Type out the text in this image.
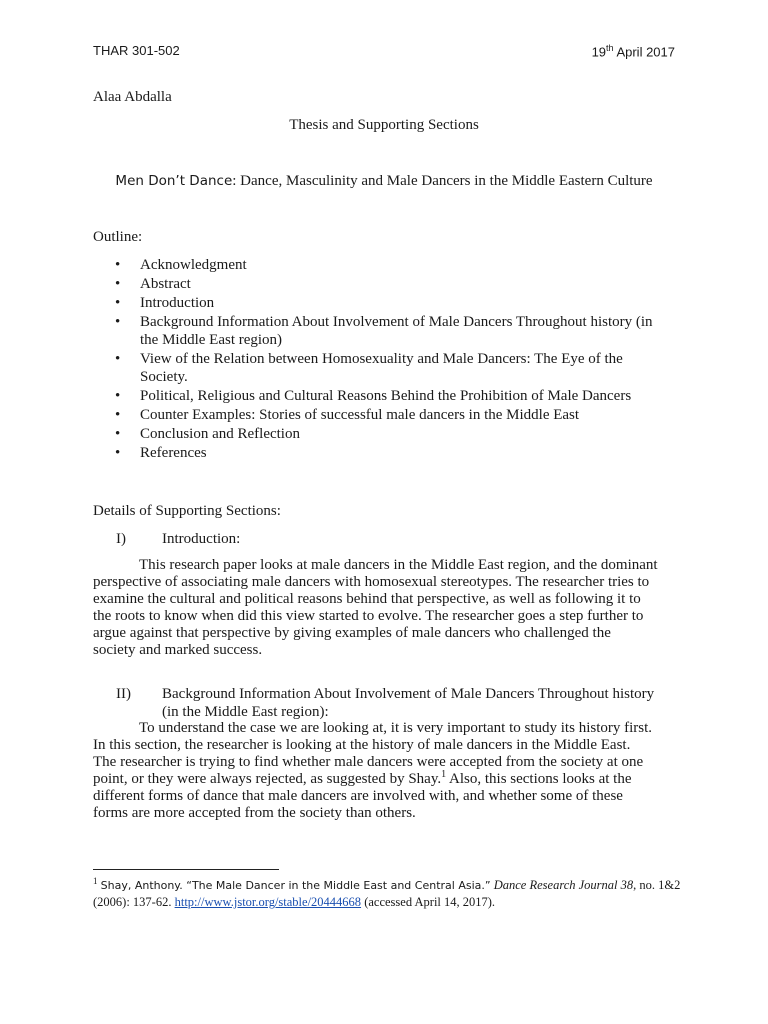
THAR 301-502	19th April 2017
Alaa Abdalla
Thesis and Supporting Sections
Men Don’t Dance: Dance, Masculinity and Male Dancers in the Middle Eastern Culture
Outline:
• Acknowledgment
• Abstract
• Introduction
• Background Information About Involvement of Male Dancers Throughout history (in
the Middle East region)
• View of the Relation between Homosexuality and Male Dancers: The Eye of the
Society.
• Political, Religious and Cultural Reasons Behind the Prohibition of Male Dancers
• Counter Examples: Stories of successful male dancers in the Middle East
• Conclusion and Reflection
• References
Details of Supporting Sections:
I) Introduction:
This research paper looks at male dancers in the Middle East region, and the dominant
perspective of associating male dancers with homosexual stereotypes. The researcher tries to
examine the cultural and political reasons behind that perspective, as well as following it to
the roots to know when did this view started to evolve. The researcher goes a step further to
argue against that perspective by giving examples of male dancers who challenged the
society and marked success.
II) Background Information About Involvement of Male Dancers Throughout history
(in the Middle East region):
To understand the case we are looking at, it is very important to study its history first.
In this section, the researcher is looking at the history of male dancers in the Middle East.
The researcher is trying to find whether male dancers were accepted from the society at one
point, or they were always rejected, as suggested by Shay.$^1$ Also, this sections looks at the
different forms of dance that male dancers are involved with, and whether some of these
forms are more accepted from the society than others.
$^1$ Shay, Anthony. “The Male Dancer in the Middle East and Central Asia.” Dance Research Journal 38, no. 1&2
(2006): 137-62. http://www.jstor.org/stable/20444668 (accessed April 14, 2017).
